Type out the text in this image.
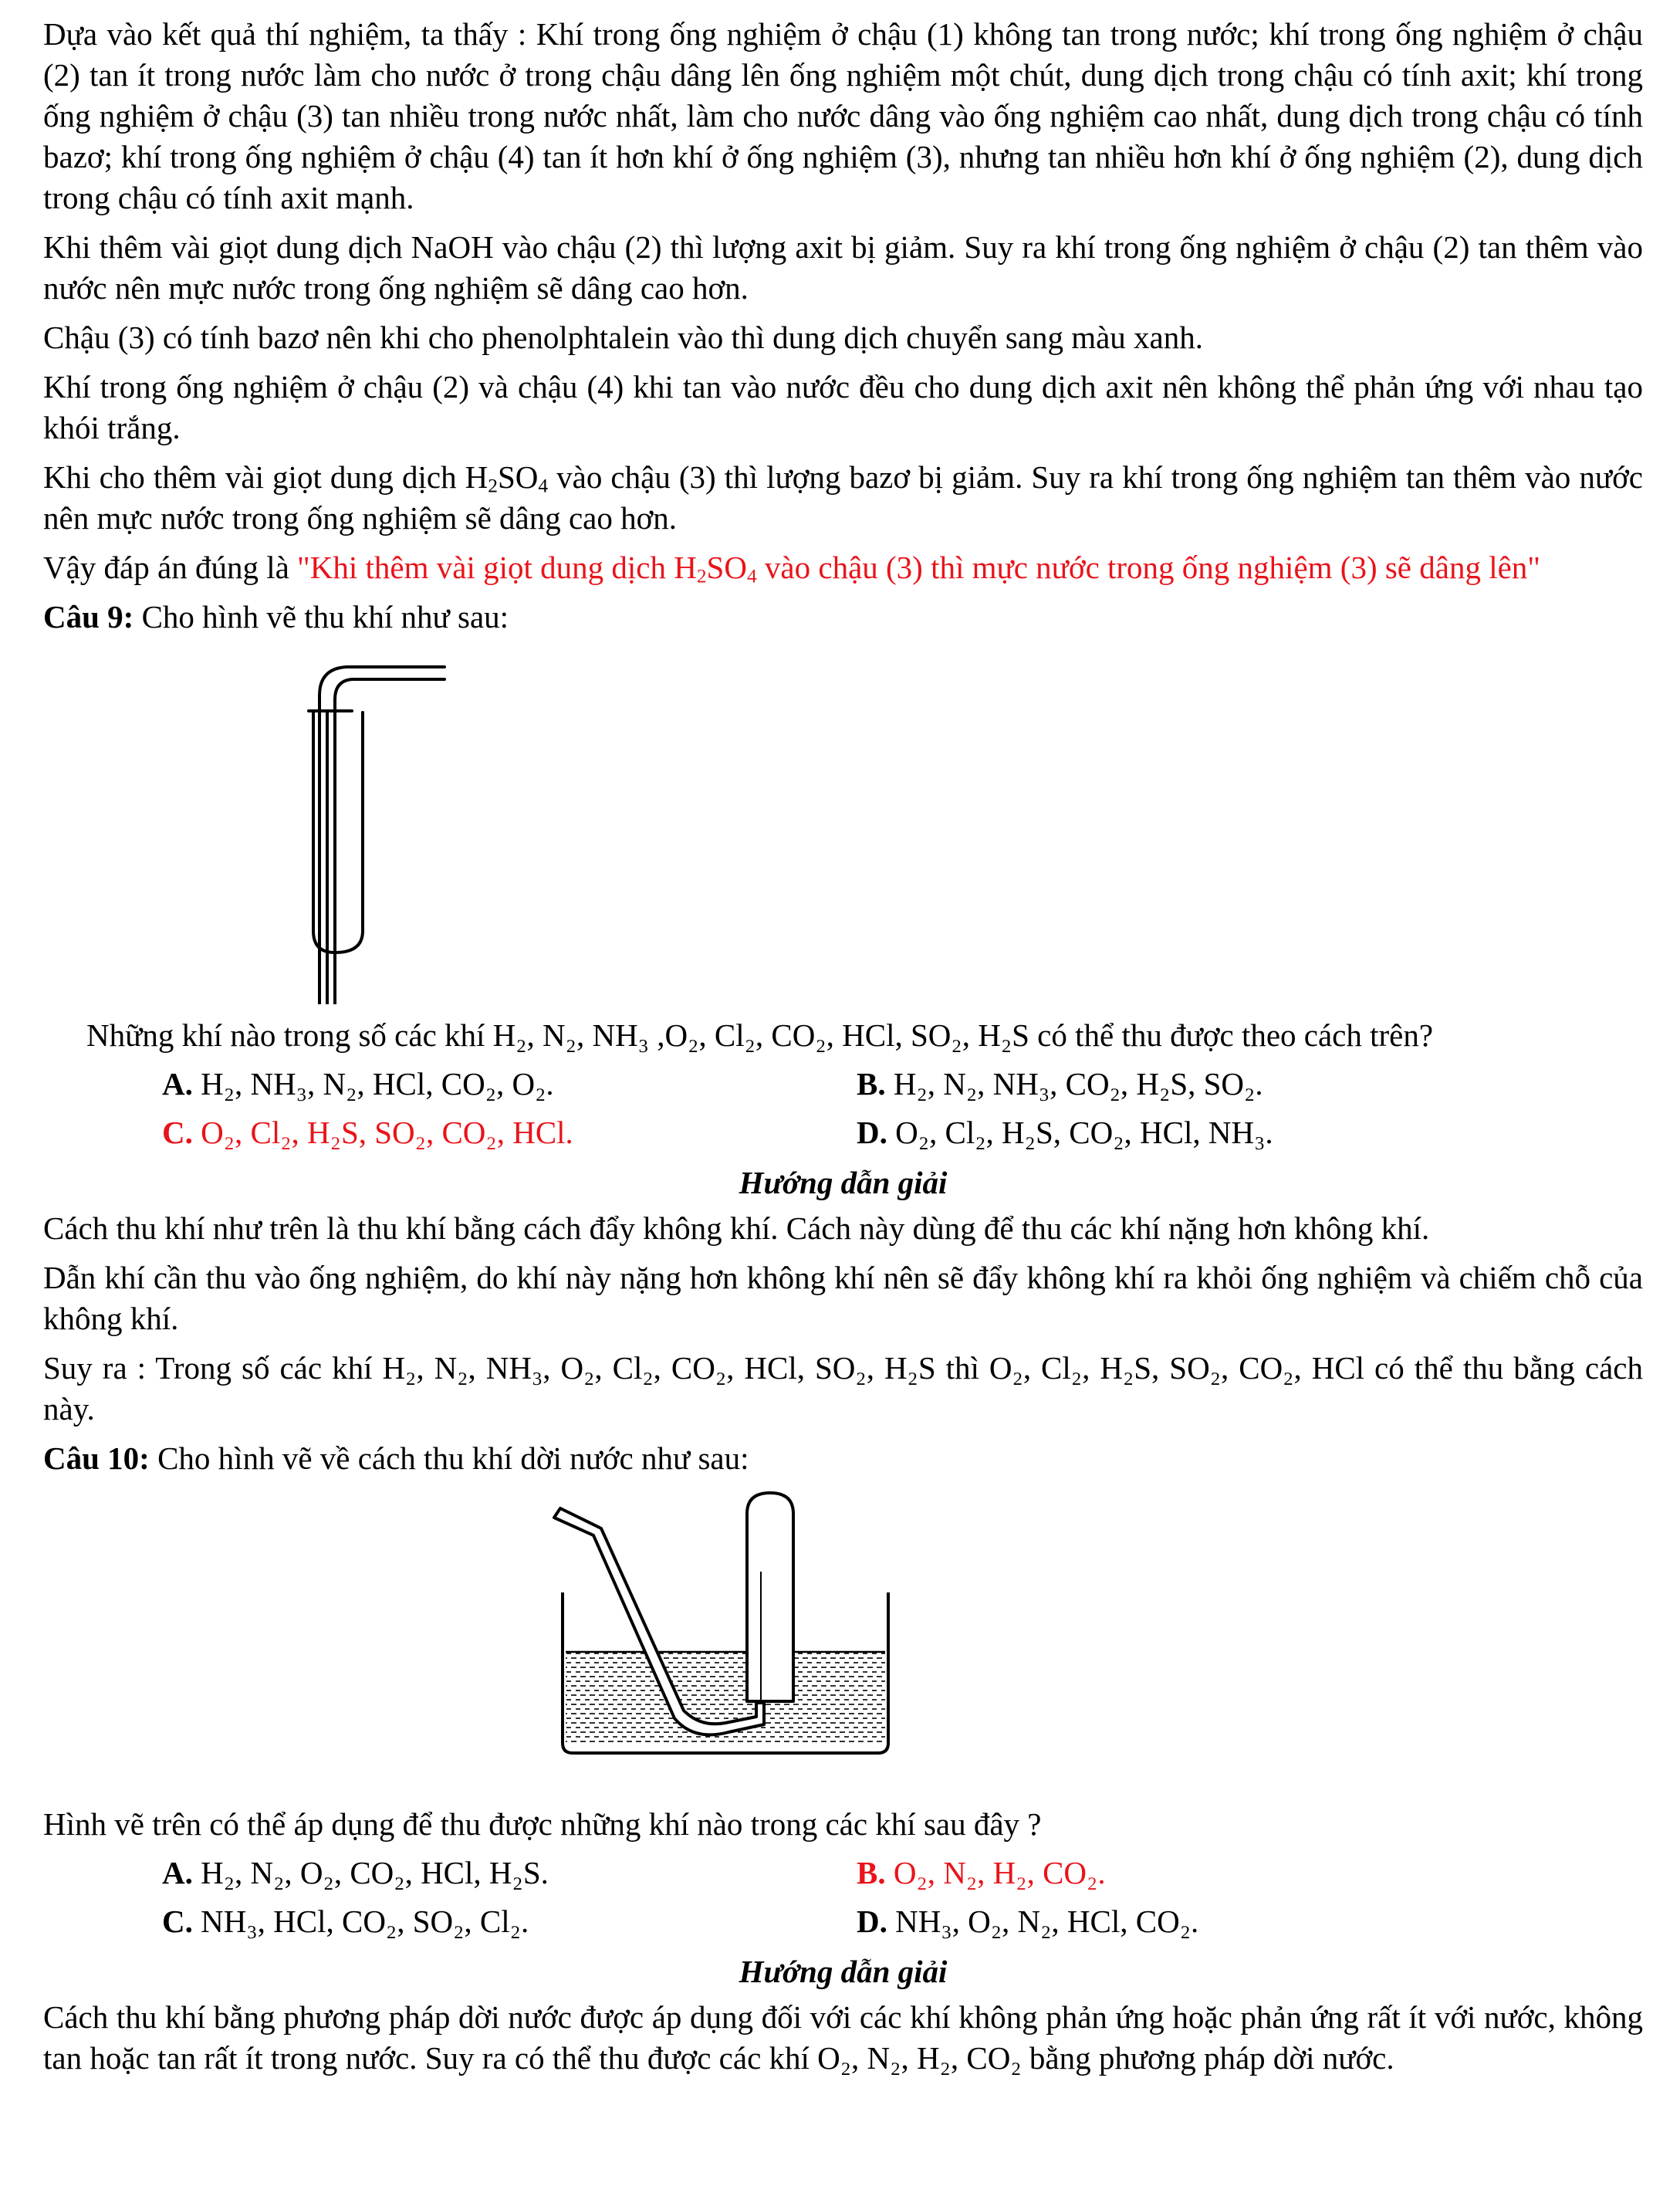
Dựa vào kết quả thí nghiệm, ta thấy : Khí trong ống nghiệm ở chậu (1) không tan trong nước; khí trong ống nghiệm ở chậu (2) tan ít trong nước làm cho nước ở trong chậu dâng lên ống nghiệm một chút, dung dịch trong chậu có tính axit; khí trong ống nghiệm ở chậu (3) tan nhiều trong nước nhất, làm cho nước dâng vào ống nghiệm cao nhất, dung dịch trong chậu có tính bazơ; khí trong ống nghiệm ở chậu (4) tan ít hơn khí ở ống nghiệm (3), nhưng tan nhiều hơn khí ở ống nghiệm (2), dung dịch trong chậu có tính axit mạnh.

Khi thêm vài giọt dung dịch NaOH vào chậu (2) thì lượng axit bị giảm. Suy ra khí trong ống nghiệm ở chậu (2) tan thêm vào nước nên mực nước trong ống nghiệm sẽ dâng cao hơn.

Chậu (3) có tính bazơ nên khi cho phenolphtalein vào thì dung dịch chuyển sang màu xanh.

Khí trong ống nghiệm ở chậu (2) và chậu (4) khi tan vào nước đều cho dung dịch axit nên không thể phản ứng với nhau tạo khói trắng.

Khi cho thêm vài giọt dung dịch $H_2SO_4$ vào chậu (3) thì lượng bazơ bị giảm. Suy ra khí trong ống nghiệm tan thêm vào nước nên mực nước trong ống nghiệm sẽ dâng cao hơn.

Vậy đáp án đúng là "Khi thêm vài giọt dung dịch $H_2SO_4$ vào chậu (3) thì mực nước trong ống nghiệm (3) sẽ dâng lên"

Câu 9: Cho hình vẽ thu khí như sau:

Những khí nào trong số các khí H₂, N₂, NH₃ ,O₂, Cl₂, CO₂, HCl, SO₂, H₂S có thể thu được theo cách trên?

A. H₂, NH₃, N₂, HCl, CO₂, O₂.	B. H₂, N₂, NH₃, CO₂, H₂S, SO₂.
C. O₂, Cl₂, H₂S, SO₂, CO₂, HCl.	D. O₂, Cl₂, H₂S, CO₂, HCl, NH₃.

Hướng dẫn giải

Cách thu khí như trên là thu khí bằng cách đẩy không khí. Cách này dùng để thu các khí nặng hơn không khí.

Dẫn khí cần thu vào ống nghiệm, do khí này nặng hơn không khí nên sẽ đẩy không khí ra khỏi ống nghiệm và chiếm chỗ của không khí.

Suy ra : Trong số các khí H₂, N₂, NH₃, O₂, Cl₂, CO₂, HCl, SO₂, H₂S thì O₂, Cl₂, H₂S, SO₂, CO₂, HCl có thể thu bằng cách này.

Câu 10: Cho hình vẽ về cách thu khí dời nước như sau:

Hình vẽ trên có thể áp dụng để thu được những khí nào trong các khí sau đây ?

A. H₂, N₂, O₂, CO₂, HCl, H₂S.	B. O₂, N₂, H₂, CO₂.
C. NH₃, HCl, CO₂, SO₂, Cl₂.	D. NH₃, O₂, N₂, HCl, CO₂.

Hướng dẫn giải

Cách thu khí bằng phương pháp dời nước được áp dụng đối với các khí không phản ứng hoặc phản ứng rất ít với nước, không tan hoặc tan rất ít trong nước. Suy ra có thể thu được các khí O₂, N₂, H₂, CO₂ bằng phương pháp dời nước.
